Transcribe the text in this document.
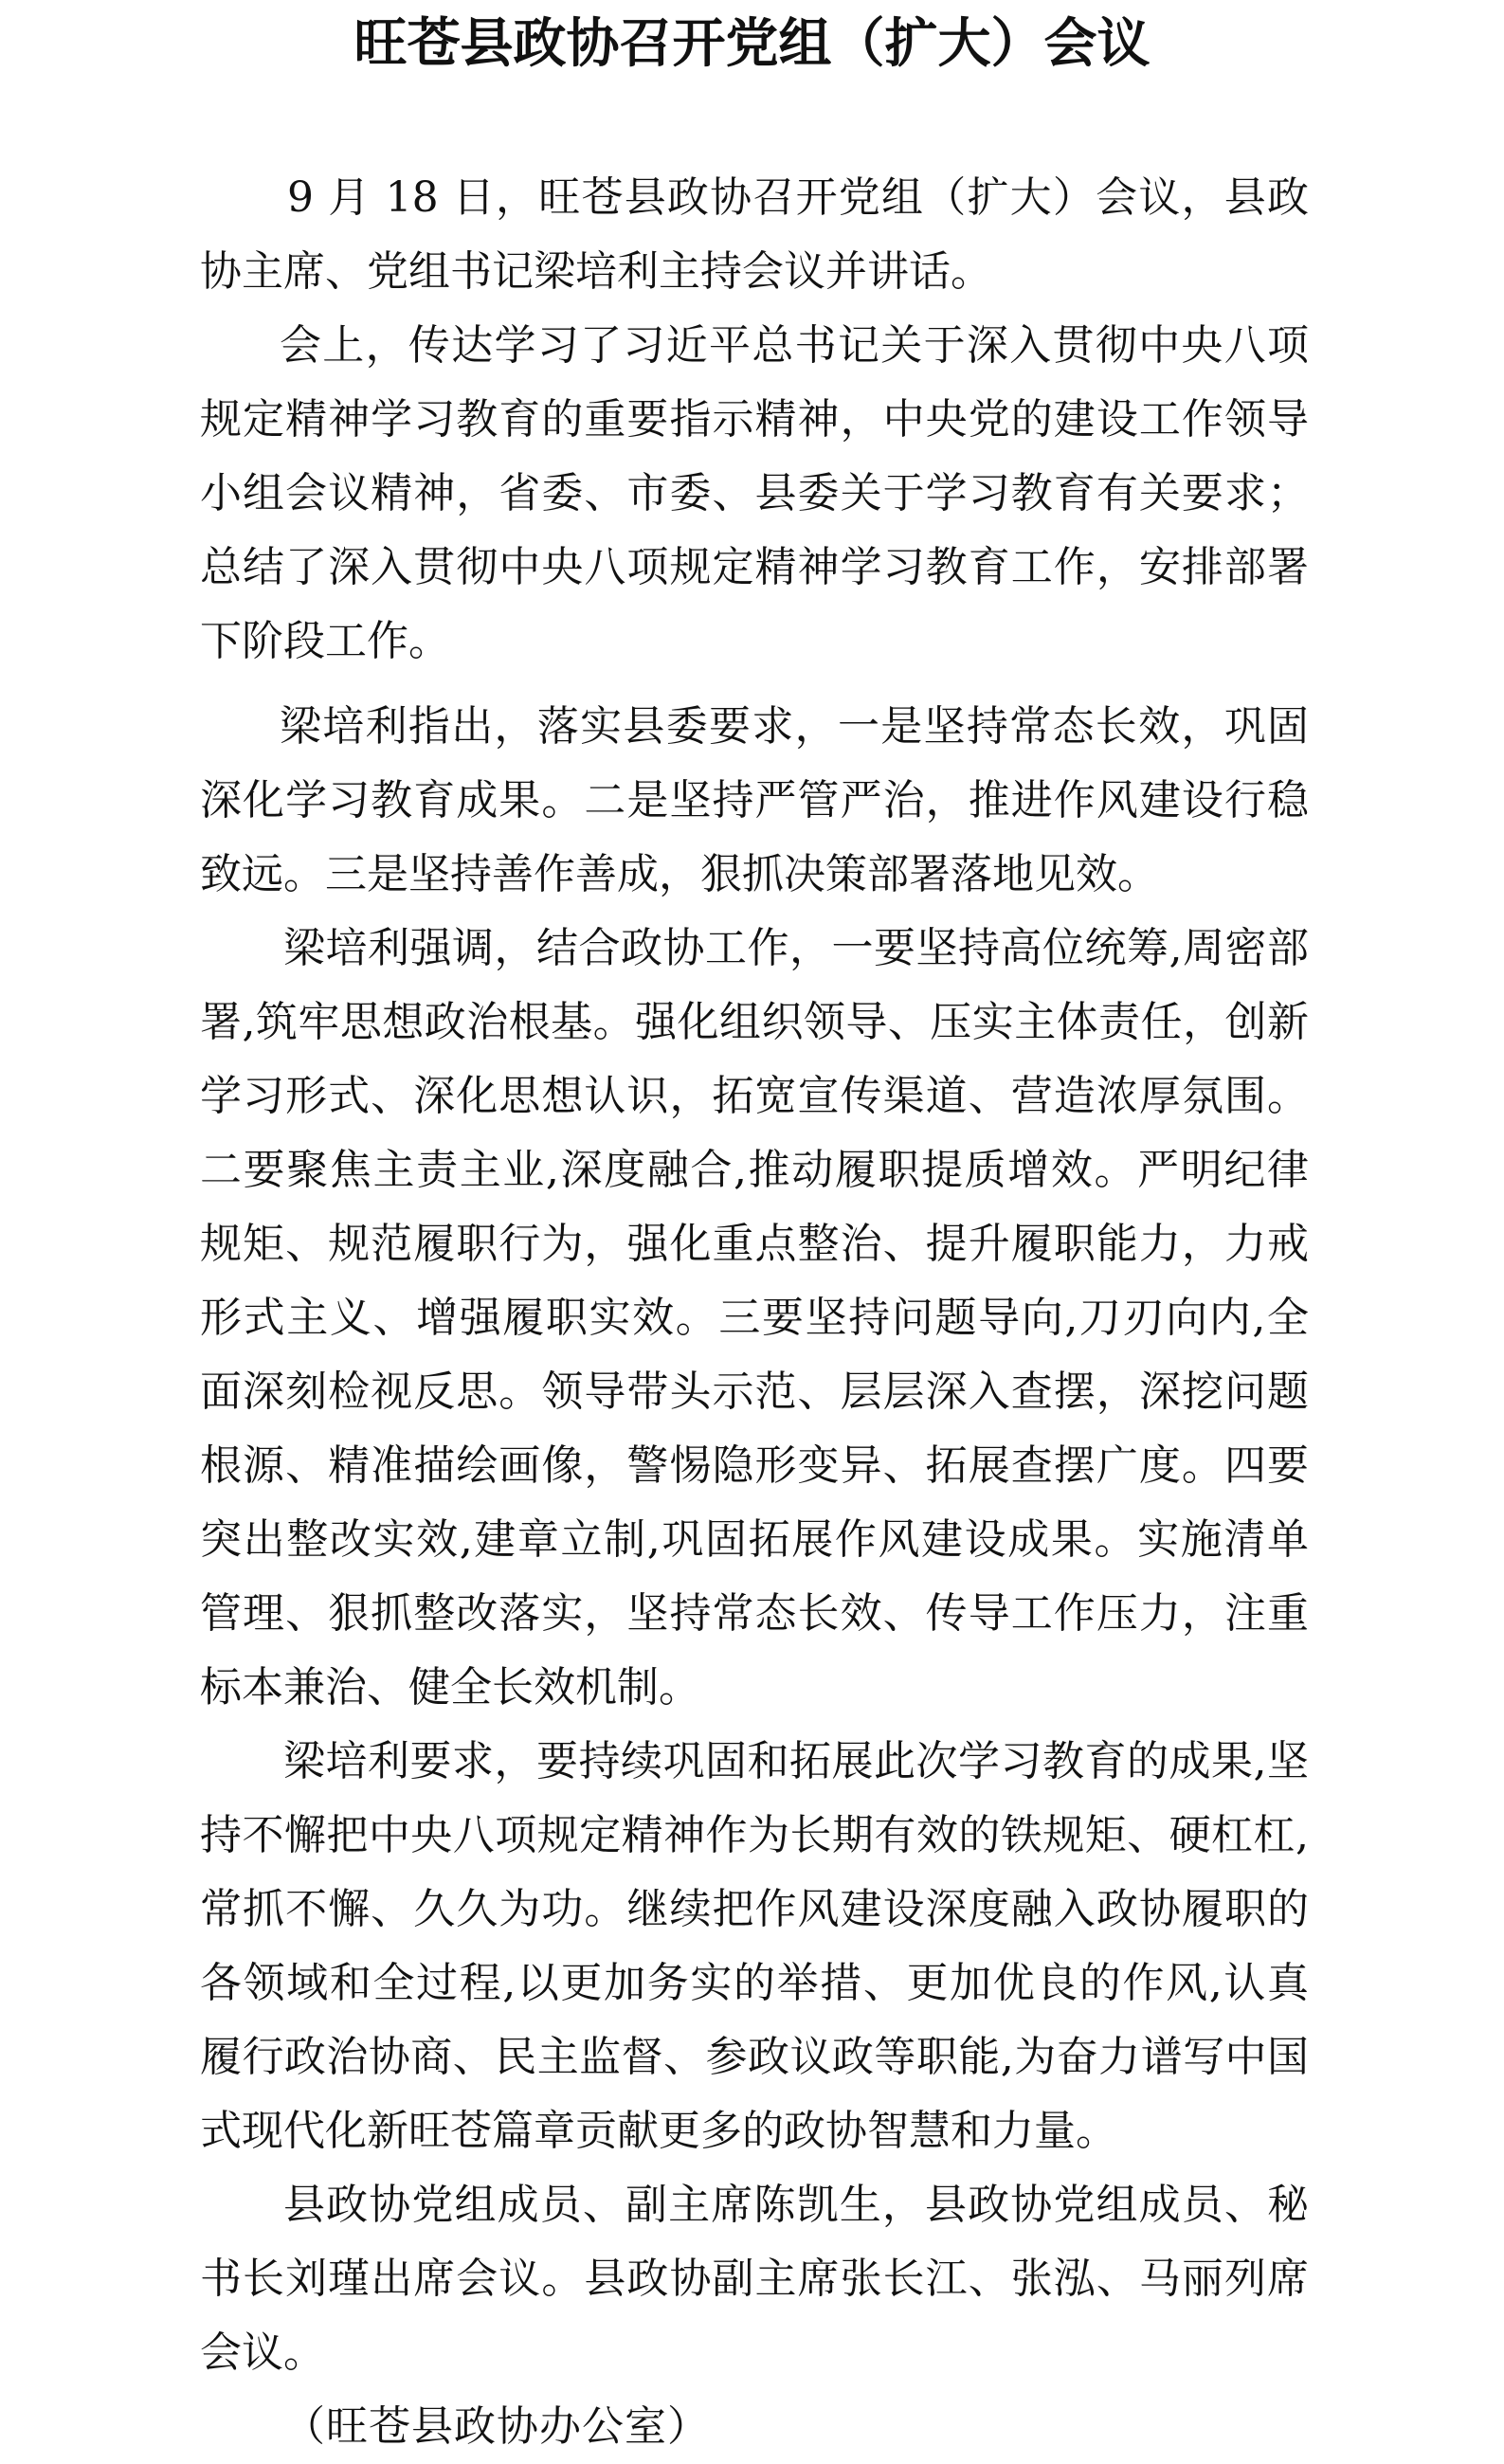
旺苍县政协召开党组（扩大）会议

9 月 18 日，旺苍县政协召开党组（扩大）会议，县政协主席、党组书记梁培利主持会议并讲话。

会上，传达学习了习近平总书记关于深入贯彻中央八项规定精神学习教育的重要指示精神，中央党的建设工作领导小组会议精神，省委、市委、县委关于学习教育有关要求；总结了深入贯彻中央八项规定精神学习教育工作，安排部署下阶段工作。

梁培利指出，落实县委要求，一是坚持常态长效，巩固深化学习教育成果。二是坚持严管严治，推进作风建设行稳致远。三是坚持善作善成，狠抓决策部署落地见效。

梁培利强调，结合政协工作，一要坚持高位统筹,周密部署,筑牢思想政治根基。强化组织领导、压实主体责任，创新学习形式、深化思想认识，拓宽宣传渠道、营造浓厚氛围。二要聚焦主责主业,深度融合,推动履职提质增效。严明纪律规矩、规范履职行为，强化重点整治、提升履职能力，力戒形式主义、增强履职实效。三要坚持问题导向,刀刃向内,全面深刻检视反思。领导带头示范、层层深入查摆，深挖问题根源、精准描绘画像，警惕隐形变异、拓展查摆广度。四要突出整改实效,建章立制,巩固拓展作风建设成果。实施清单管理、狠抓整改落实，坚持常态长效、传导工作压力，注重标本兼治、健全长效机制。

梁培利要求，要持续巩固和拓展此次学习教育的成果,坚持不懈把中央八项规定精神作为长期有效的铁规矩、硬杠杠,常抓不懈、久久为功。继续把作风建设深度融入政协履职的各领域和全过程,以更加务实的举措、更加优良的作风,认真履行政治协商、民主监督、参政议政等职能,为奋力谱写中国式现代化新旺苍篇章贡献更多的政协智慧和力量。

县政协党组成员、副主席陈凯生，县政协党组成员、秘书长刘瑾出席会议。县政协副主席张长江、张泓、马丽列席会议。

（旺苍县政协办公室）
